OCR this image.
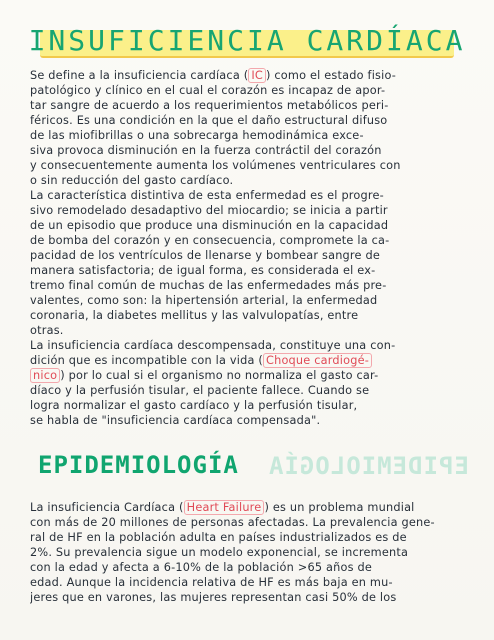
INSUFICIENCIA CARDÍACA
Se define a la insuficiencia cardíaca ( IC ) como el estado fisio-
patológico y clínico en el cual el corazón es incapaz de apor-
tar sangre de acuerdo a los requerimientos metabólicos peri-
féricos. Es una condición en la que el daño estructural difuso
de las miofibrillas o una sobrecarga hemodinámica exce-
siva provoca disminución en la fuerza contráctil del corazón
y consecuentemente aumenta los volúmenes ventriculares con
o sin reducción del gasto cardíaco.
La característica distintiva de esta enfermedad es el progre-
sivo remodelado desadaptivo del miocardio; se inicia a partir
de un episodio que produce una disminución en la capacidad
de bomba del corazón y en consecuencia, compromete la ca-
pacidad de los ventrículos de llenarse y bombear sangre de
manera satisfactoria; de igual forma, es considerada el ex-
tremo final común de muchas de las enfermedades más pre-
valentes, como son: la hipertensión arterial, la enfermedad
coronaria, la diabetes mellitus y las valvulopatías, entre
otras.
La insuficiencia cardíaca descompensada, constituye una con-
dición que es incompatible con la vida ( Choque cardiogé-
nico ) por lo cual si el organismo no normaliza el gasto car-
díaco y la perfusión tisular, el paciente fallece. Cuando se
logra normalizar el gasto cardíaco y la perfusión tisular,
se habla de "insuficiencia cardíaca compensada".
EPIDEMIOLOGÍA EPIDEMIOLOGÍA
La insuficiencia Cardíaca ( Heart Failure ) es un problema mundial
con más de 20 millones de personas afectadas. La prevalencia gene-
ral de HF en la población adulta en países industrializados es de
2%. Su prevalencia sigue un modelo exponencial, se incrementa
con la edad y afecta a 6-10% de la población >65 años de
edad. Aunque la incidencia relativa de HF es más baja en mu-
jeres que en varones, las mujeres representan casi 50% de los
